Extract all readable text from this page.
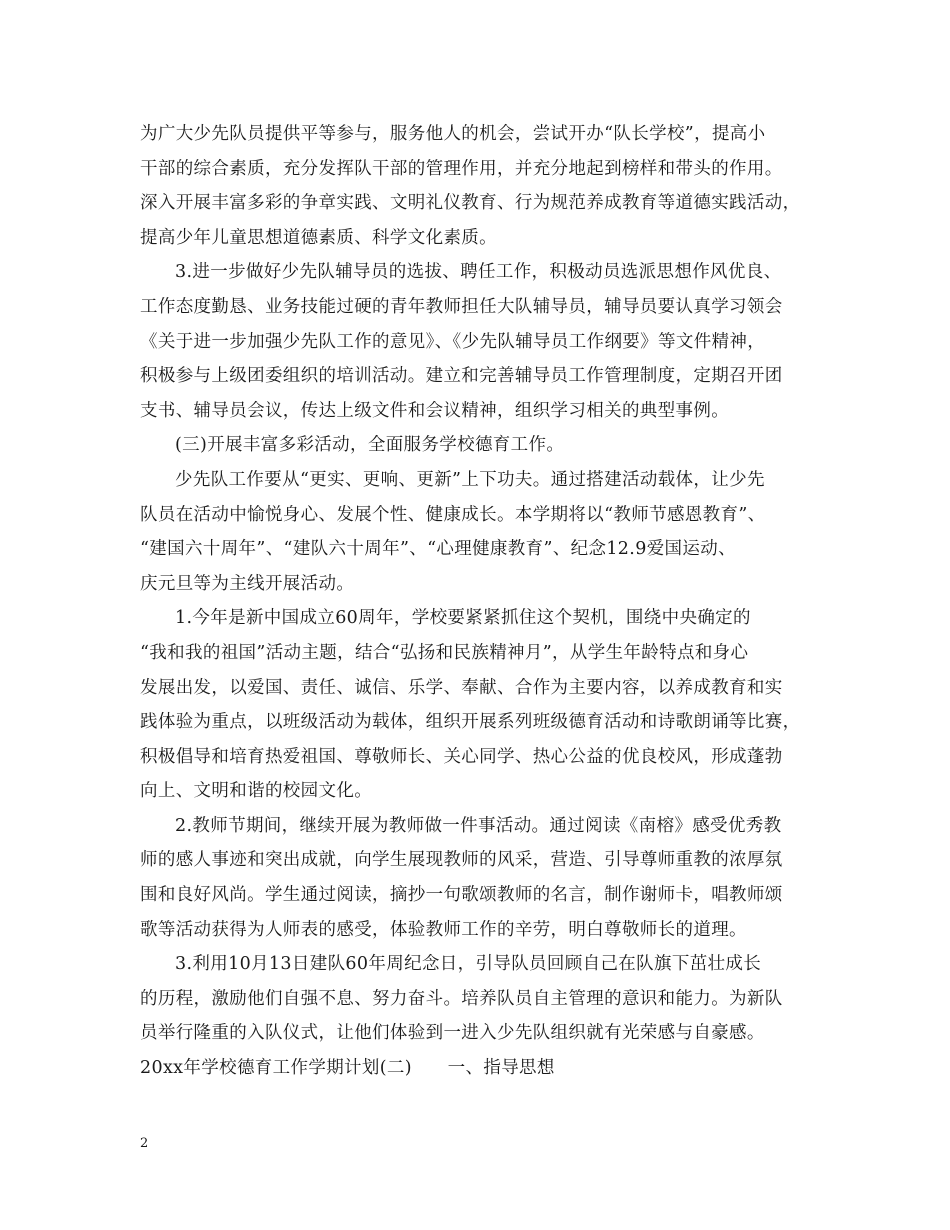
为广大少先队员提供平等参与，服务他人的机会，尝试开办“队长学校”，提高小
干部的综合素质，充分发挥队干部的管理作用，并充分地起到榜样和带头的作用。
深入开展丰富多彩的争章实践、文明礼仪教育、行为规范养成教育等道德实践活动，
提高少年儿童思想道德素质、科学文化素质。
3.进一步做好少先队辅导员的选拔、聘任工作，积极动员选派思想作风优良、
工作态度勤恳、业务技能过硬的青年教师担任大队辅导员，辅导员要认真学习领会
《关于进一步加强少先队工作的意见》、《少先队辅导员工作纲要》等文件精神，
积极参与上级团委组织的培训活动。建立和完善辅导员工作管理制度，定期召开团
支书、辅导员会议，传达上级文件和会议精神，组织学习相关的典型事例。
(三)开展丰富多彩活动，全面服务学校德育工作。
少先队工作要从“更实、更响、更新”上下功夫。通过搭建活动载体，让少先
队员在活动中愉悦身心、发展个性、健康成长。本学期将以“教师节感恩教育”、
“建国六十周年”、“建队六十周年”、“心理健康教育”、纪念12.9爱国运动、
庆元旦等为主线开展活动。
1.今年是新中国成立60周年，学校要紧紧抓住这个契机，围绕中央确定的
“我和我的祖国”活动主题，结合“弘扬和民族精神月”，从学生年龄特点和身心
发展出发，以爱国、责任、诚信、乐学、奉献、合作为主要内容，以养成教育和实
践体验为重点，以班级活动为载体，组织开展系列班级德育活动和诗歌朗诵等比赛，
积极倡导和培育热爱祖国、尊敬师长、关心同学、热心公益的优良校风，形成蓬勃
向上、文明和谐的校园文化。
2.教师节期间，继续开展为教师做一件事活动。通过阅读《南榕》感受优秀教
师的感人事迹和突出成就，向学生展现教师的风采，营造、引导尊师重教的浓厚氛
围和良好风尚。学生通过阅读，摘抄一句歌颂教师的名言，制作谢师卡，唱教师颂
歌等活动获得为人师表的感受，体验教师工作的辛劳，明白尊敬师长的道理。
3.利用10月13日建队60年周纪念日，引导队员回顾自己在队旗下茁壮成长
的历程，激励他们自强不息、努力奋斗。培养队员自主管理的意识和能力。为新队
员举行隆重的入队仪式，让他们体验到一进入少先队组织就有光荣感与自豪感。
20xx年学校德育工作学期计划(二)　　一、指导思想
2
